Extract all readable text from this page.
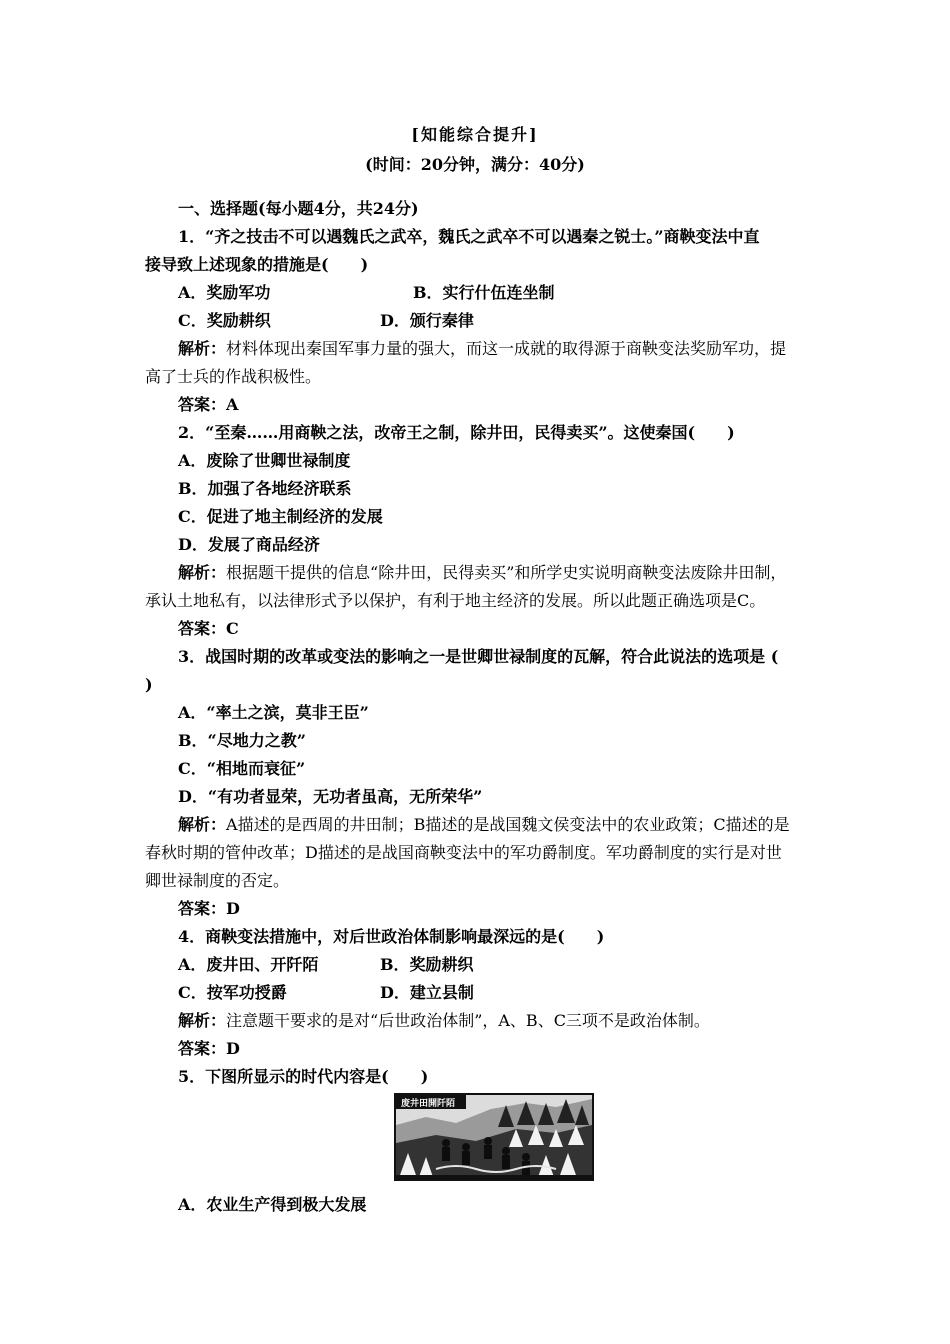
[知能综合提升]
(时间：20分钟，满分：40分)
一、选择题(每小题4分，共24分)
1．“齐之技击不可以遇魏氏之武卒，魏氏之武卒不可以遇秦之锐士。”商鞅变法中直
接导致上述现象的措施是(　　)
A．奖励军功	B．实行什伍连坐制
C．奖励耕织	D．颁行秦律
解析：材料体现出秦国军事力量的强大，而这一成就的取得源于商鞅变法奖励军功，提
高了士兵的作战积极性。
答案：A
2．“至秦……用商鞅之法，改帝王之制，除井田，民得卖买”。这使秦国(　　)
A．废除了世卿世禄制度
B．加强了各地经济联系
C．促进了地主制经济的发展
D．发展了商品经济
解析：根据题干提供的信息“除井田，民得卖买”和所学史实说明商鞅变法废除井田制，
承认土地私有，以法律形式予以保护，有利于地主经济的发展。所以此题正确选项是C。
答案：C
3．战国时期的改革或变法的影响之一是世卿世禄制度的瓦解，符合此说法的选项是 (
)
A．“率土之滨，莫非王臣”
B．“尽地力之教”
C．“相地而衰征”
D．“有功者显荣，无功者虽高，无所荣华”
解析：A描述的是西周的井田制；B描述的是战国魏文侯变法中的农业政策；C描述的是
春秋时期的管仲改革；D描述的是战国商鞅变法中的军功爵制度。军功爵制度的实行是对世
卿世禄制度的否定。
答案：D
4．商鞅变法措施中，对后世政治体制影响最深远的是(　　)
A．废井田、开阡陌	B．奖励耕织
C．按军功授爵	D．建立县制
解析：注意题干要求的是对“后世政治体制”，A、B、C三项不是政治体制。
答案：D
5．下图所显示的时代内容是(　　)
废井田開阡陌
A．农业生产得到极大发展
